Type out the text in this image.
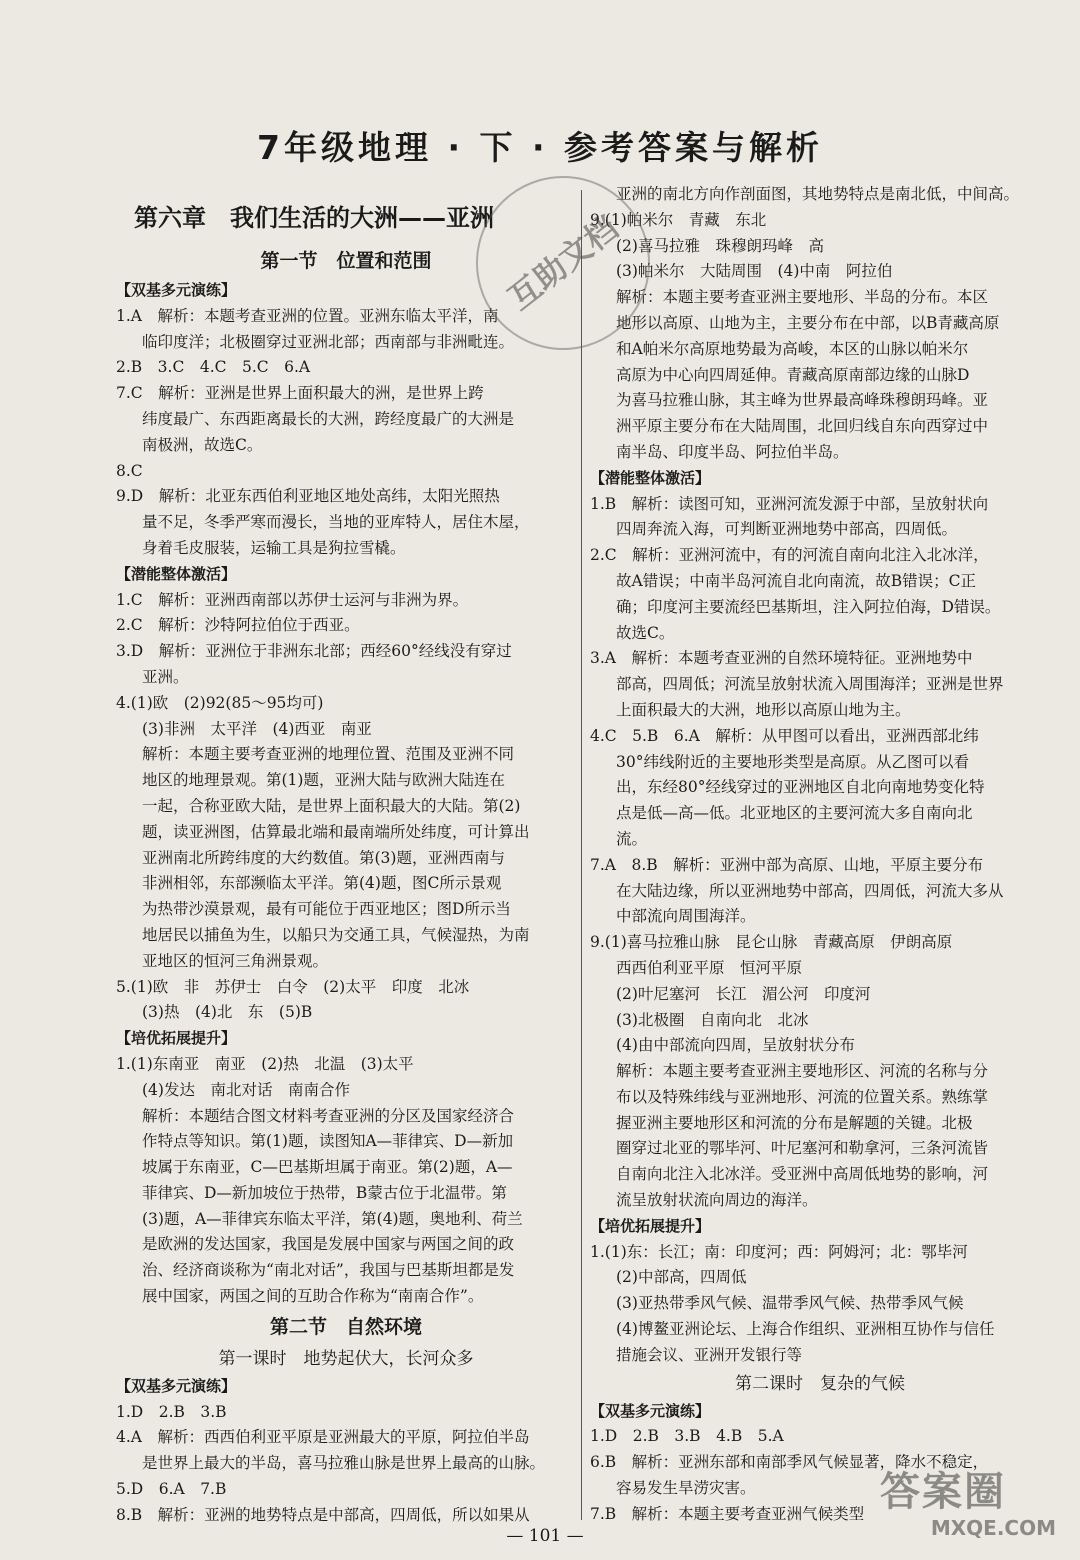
7年级地理 · 下 · 参考答案与解析
第六章　我们生活的大洲——亚洲
第一节　位置和范围
【双基多元演练】
1.A　解析：本题考查亚洲的位置。亚洲东临太平洋，南
临印度洋；北极圈穿过亚洲北部；西南部与非洲毗连。
2.B　3.C　4.C　5.C　6.A
7.C　解析：亚洲是世界上面积最大的洲，是世界上跨
纬度最广、东西距离最长的大洲，跨经度最广的大洲是
南极洲，故选C。
8.C
9.D　解析：北亚东西伯利亚地区地处高纬，太阳光照热
量不足，冬季严寒而漫长，当地的亚库特人，居住木屋，
身着毛皮服装，运输工具是狗拉雪橇。
【潜能整体激活】
1.C　解析：亚洲西南部以苏伊士运河与非洲为界。
2.C　解析：沙特阿拉伯位于西亚。
3.D　解析：亚洲位于非洲东北部；西经60°经线没有穿过
亚洲。
4.(1)欧　(2)92(85～95均可)
(3)非洲　太平洋　(4)西亚　南亚
解析：本题主要考查亚洲的地理位置、范围及亚洲不同
地区的地理景观。第(1)题，亚洲大陆与欧洲大陆连在
一起，合称亚欧大陆，是世界上面积最大的大陆。第(2)
题，读亚洲图，估算最北端和最南端所处纬度，可计算出
亚洲南北所跨纬度的大约数值。第(3)题，亚洲西南与
非洲相邻，东部濒临太平洋。第(4)题，图C所示景观
为热带沙漠景观，最有可能位于西亚地区；图D所示当
地居民以捕鱼为生，以船只为交通工具，气候湿热，为南
亚地区的恒河三角洲景观。
5.(1)欧　非　苏伊士　白令　(2)太平　印度　北冰
(3)热　(4)北　东　(5)B
【培优拓展提升】
1.(1)东南亚　南亚　(2)热　北温　(3)太平
(4)发达　南北对话　南南合作
解析：本题结合图文材料考查亚洲的分区及国家经济合
作特点等知识。第(1)题，读图知A—菲律宾、D—新加
坡属于东南亚，C—巴基斯坦属于南亚。第(2)题，A—
菲律宾、D—新加坡位于热带，B蒙古位于北温带。第
(3)题，A—菲律宾东临太平洋，第(4)题，奥地利、荷兰
是欧洲的发达国家，我国是发展中国家与两国之间的政
治、经济商谈称为“南北对话”，我国与巴基斯坦都是发
展中国家，两国之间的互助合作称为“南南合作”。
第二节　自然环境
第一课时　地势起伏大，长河众多
【双基多元演练】
1.D　2.B　3.B
4.A　解析：西西伯利亚平原是亚洲最大的平原，阿拉伯半岛
是世界上最大的半岛，喜马拉雅山脉是世界上最高的山脉。
5.D　6.A　7.B
8.B　解析：亚洲的地势特点是中部高，四周低，所以如果从
亚洲的南北方向作剖面图，其地势特点是南北低，中间高。
9.(1)帕米尔　青藏　东北
(2)喜马拉雅　珠穆朗玛峰　高
(3)帕米尔　大陆周围　(4)中南　阿拉伯
解析：本题主要考查亚洲主要地形、半岛的分布。本区
地形以高原、山地为主，主要分布在中部，以B青藏高原
和A帕米尔高原地势最为高峻，本区的山脉以帕米尔
高原为中心向四周延伸。青藏高原南部边缘的山脉D
为喜马拉雅山脉，其主峰为世界最高峰珠穆朗玛峰。亚
洲平原主要分布在大陆周围，北回归线自东向西穿过中
南半岛、印度半岛、阿拉伯半岛。
【潜能整体激活】
1.B　解析：读图可知，亚洲河流发源于中部，呈放射状向
四周奔流入海，可判断亚洲地势中部高，四周低。
2.C　解析：亚洲河流中，有的河流自南向北注入北冰洋，
故A错误；中南半岛河流自北向南流，故B错误；C正
确；印度河主要流经巴基斯坦，注入阿拉伯海，D错误。
故选C。
3.A　解析：本题考查亚洲的自然环境特征。亚洲地势中
部高，四周低；河流呈放射状流入周围海洋；亚洲是世界
上面积最大的大洲，地形以高原山地为主。
4.C　5.B　6.A　解析：从甲图可以看出，亚洲西部北纬
30°纬线附近的主要地形类型是高原。从乙图可以看
出，东经80°经线穿过的亚洲地区自北向南地势变化特
点是低—高—低。北亚地区的主要河流大多自南向北
流。
7.A　8.B　解析：亚洲中部为高原、山地，平原主要分布
在大陆边缘，所以亚洲地势中部高，四周低，河流大多从
中部流向周围海洋。
9.(1)喜马拉雅山脉　昆仑山脉　青藏高原　伊朗高原
西西伯利亚平原　恒河平原
(2)叶尼塞河　长江　湄公河　印度河
(3)北极圈　自南向北　北冰
(4)由中部流向四周，呈放射状分布
解析：本题主要考查亚洲主要地形区、河流的名称与分
布以及特殊纬线与亚洲地形、河流的位置关系。熟练掌
握亚洲主要地形区和河流的分布是解题的关键。北极
圈穿过北亚的鄂毕河、叶尼塞河和勒拿河，三条河流皆
自南向北注入北冰洋。受亚洲中高周低地势的影响，河
流呈放射状流向周边的海洋。
【培优拓展提升】
1.(1)东：长江；南：印度河；西：阿姆河；北：鄂毕河
(2)中部高，四周低
(3)亚热带季风气候、温带季风气候、热带季风气候
(4)博鳌亚洲论坛、上海合作组织、亚洲相互协作与信任
措施会议、亚洲开发银行等
第二课时　复杂的气候
【双基多元演练】
1.D　2.B　3.B　4.B　5.A
6.B　解析：亚洲东部和南部季风气候显著，降水不稳定，
容易发生旱涝灾害。
7.B　解析：本题主要考查亚洲气候类型
互助文档
答案圈
MXQE.COM
— 101 —
